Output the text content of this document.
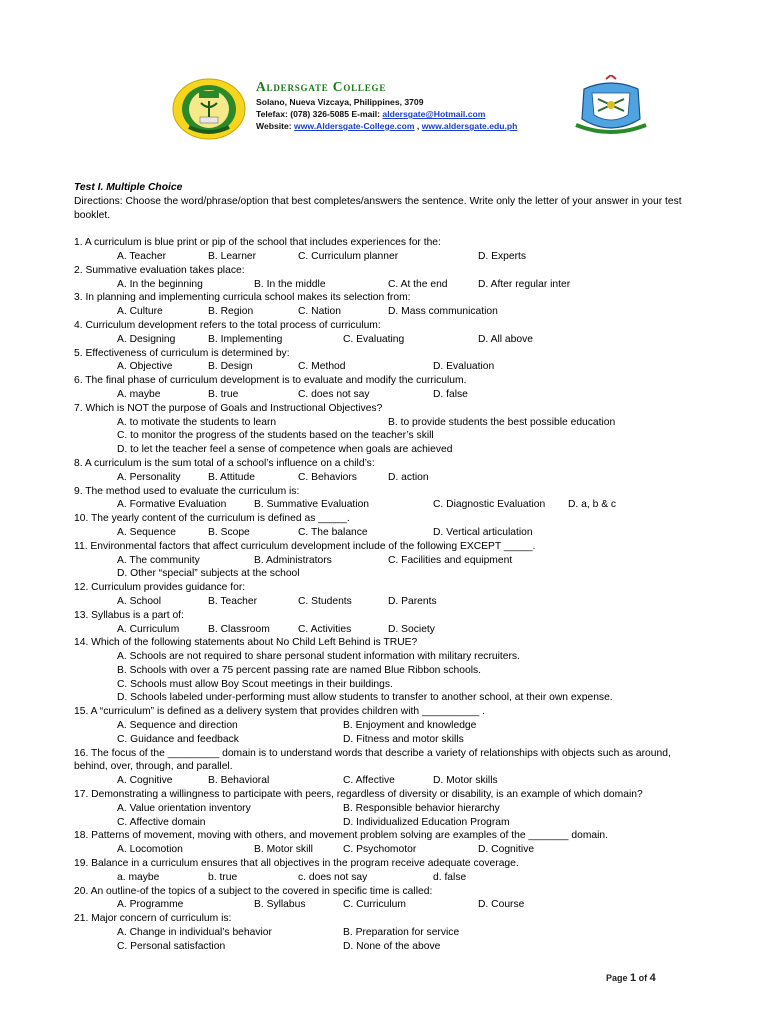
Aldersgate College
Solano, Nueva Vizcaya, Philippines, 3709
Telefax: (078) 326-5085 E-mail: aldersgate@Hotmail.com
Website: www.Aldersgate-College.com , www.aldersgate.edu.ph
Test I. Multiple Choice
Directions: Choose the word/phrase/option that best completes/answers the sentence. Write only the letter of your answer in your test booklet.
1. A curriculum is blue print or pip of the school that includes experiences for the:
A. Teacher	B. Learner	C. Curriculum planner	D. Experts
2. Summative evaluation takes place:
A. In the beginning	B. In the middle	C. At the end	D. After regular inter
3. In planning and implementing curricula school makes its selection from:
A. Culture	B. Region	C. Nation	D. Mass communication
4. Curriculum development refers to the total process of curriculum:
A. Designing	B. Implementing	C. Evaluating	D. All above
5. Effectiveness of curriculum is determined by:
A. Objective	B. Design	C. Method	D. Evaluation
6. The final phase of curriculum development is to evaluate and modify the curriculum.
A. maybe	B. true	C. does not say	D. false
7. Which is NOT the purpose of Goals and Instructional Objectives?
A. to motivate the students to learn	B. to provide students the best possible education
C. to monitor the progress of the students based on the teacher’s skill
D. to let the teacher feel a sense of competence when goals are achieved
8. A curriculum is the sum total of a school’s influence on a child’s:
A. Personality	B. Attitude	C. Behaviors	D. action
9. The method used to evaluate the curriculum is:
A. Formative Evaluation	B. Summative Evaluation	C. Diagnostic Evaluation D. a, b & c
10. The yearly content of the curriculum is defined as _____.
A. Sequence	B. Scope	C. The balance	D. Vertical articulation
11. Environmental factors that affect curriculum development include of the following EXCEPT _____.
A. The community	B. Administrators	C. Facilities and equipment
D. Other “special” subjects at the school
12. Curriculum provides guidance for:
A. School	B. Teacher	C. Students	D. Parents
13. Syllabus is a part of:
A. Curriculum	B. Classroom	C. Activities	D. Society
14. Which of the following statements about No Child Left Behind is TRUE?
A. Schools are not required to share personal student information with military recruiters.
B. Schools with over a 75 percent passing rate are named Blue Ribbon schools.
C. Schools must allow Boy Scout meetings in their buildings.
D. Schools labeled under-performing must allow students to transfer to another school, at their own expense.
15. A “curriculum” is defined as a delivery system that provides children with __________ .
A. Sequence and direction	B. Enjoyment and knowledge
C. Guidance and feedback	D. Fitness and motor skills
16. The focus of the _________ domain is to understand words that describe a variety of relationships with objects such as around, behind, over, through, and parallel.
A. Cognitive	B. Behavioral	C. Affective	D. Motor skills
17. Demonstrating a willingness to participate with peers, regardless of diversity or disability, is an example of which domain?
A. Value orientation inventory	B. Responsible behavior hierarchy
C. Affective domain	D. Individualized Education Program
18. Patterns of movement, moving with others, and movement problem solving are examples of the _______ domain.
A. Locomotion	B. Motor skill	C. Psychomotor	D. Cognitive
19. Balance in a curriculum ensures that all objectives in the program receive adequate coverage.
a. maybe	b. true	c. does not say	d. false
20. An outline-of the topics of a subject to the covered in specific time is called:
A. Programme	B. Syllabus	C. Curriculum	D. Course
21. Major concern of curriculum is:
A. Change in individual’s behavior	B. Preparation for service
C. Personal satisfaction	D. None of the above
Page 1 of 4
